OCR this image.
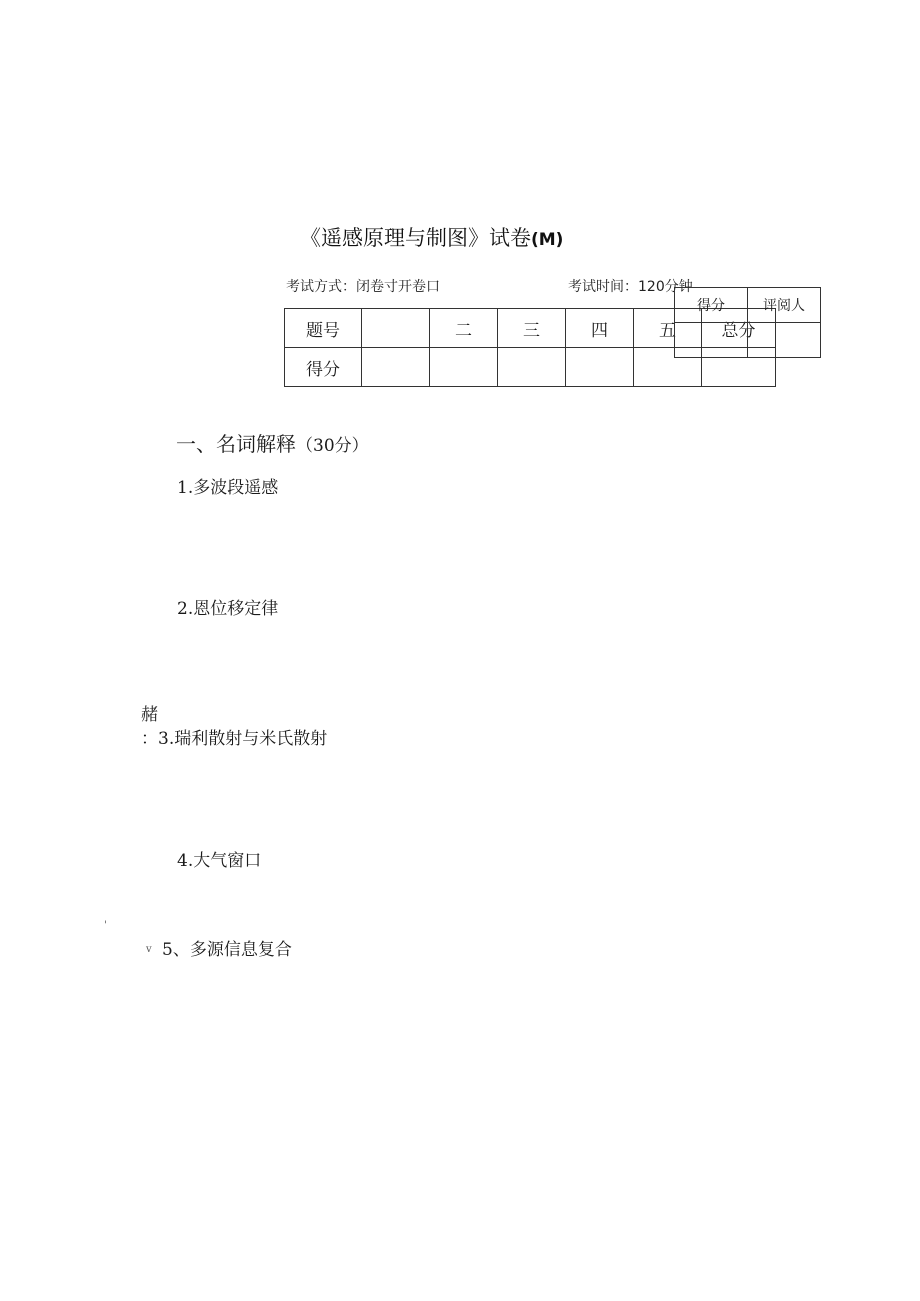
《遥感原理与制图》试卷(M)
考试方式：闭卷寸开卷口	考试时间：120分钟
题号		二	三	四	五	总分
得分						
得分	评阅人

一、名词解释（30分）
1.多波段遥感
2.恩位移定律
赭
：3.瑞利散射与米氏散射
4.大气窗口
'
v 5、多源信息复合
